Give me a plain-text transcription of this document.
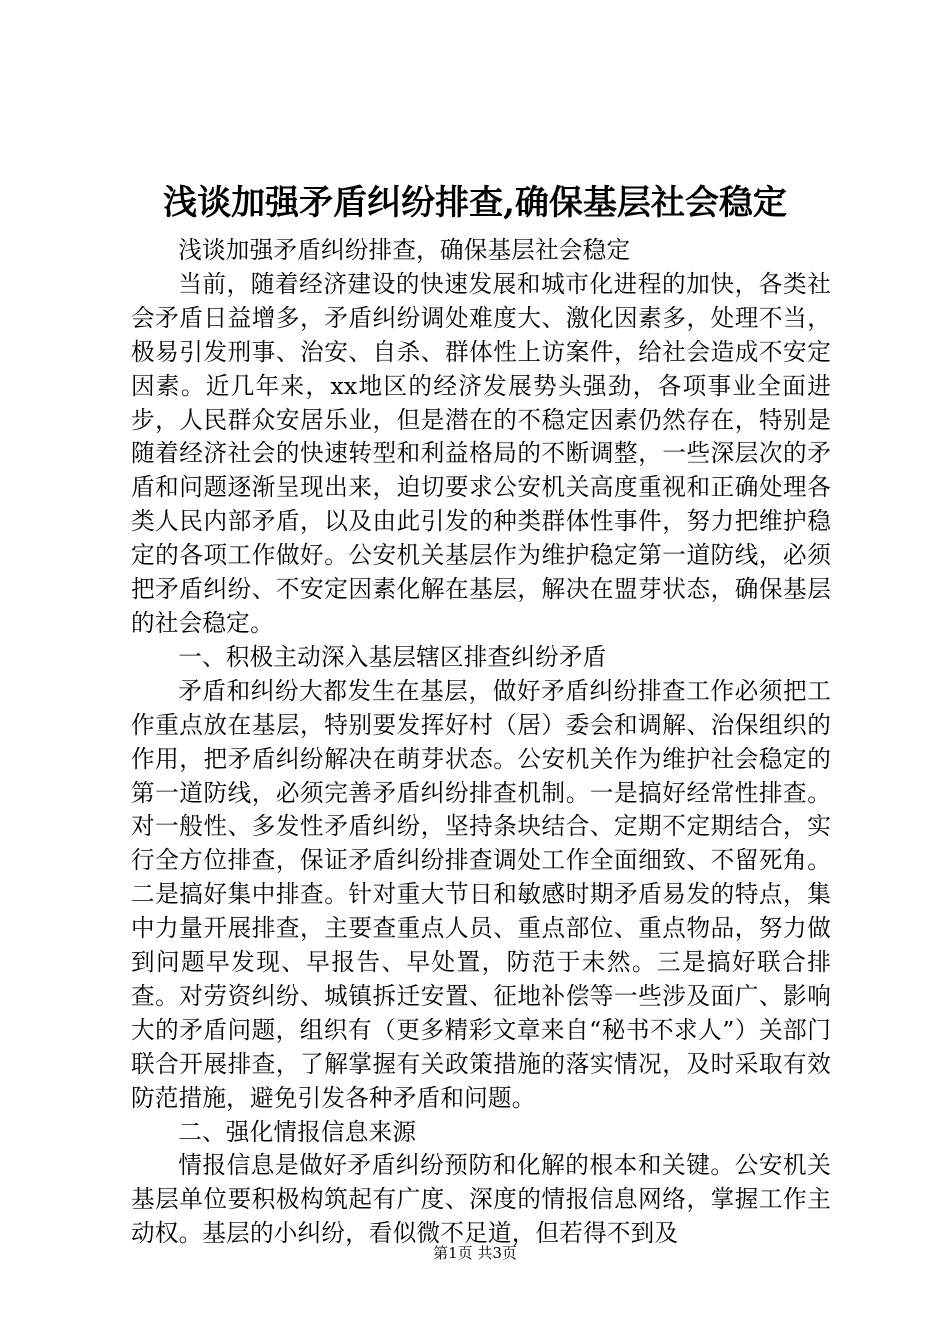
浅谈加强矛盾纠纷排查,确保基层社会稳定

浅谈加强矛盾纠纷排查，确保基层社会稳定

当前，随着经济建设的快速发展和城市化进程的加快，各类社会矛盾日益增多，矛盾纠纷调处难度大、激化因素多，处理不当，极易引发刑事、治安、自杀、群体性上访案件，给社会造成不安定因素。近几年来，xx地区的经济发展势头强劲，各项事业全面进步，人民群众安居乐业，但是潜在的不稳定因素仍然存在，特别是随着经济社会的快速转型和利益格局的不断调整，一些深层次的矛盾和问题逐渐呈现出来，迫切要求公安机关高度重视和正确处理各类人民内部矛盾，以及由此引发的种类群体性事件，努力把维护稳定的各项工作做好。公安机关基层作为维护稳定第一道防线，必须把矛盾纠纷、不安定因素化解在基层，解决在盟芽状态，确保基层的社会稳定。

一、积极主动深入基层辖区排查纠纷矛盾

矛盾和纠纷大都发生在基层，做好矛盾纠纷排查工作必须把工作重点放在基层，特别要发挥好村（居）委会和调解、治保组织的作用，把矛盾纠纷解决在萌芽状态。公安机关作为维护社会稳定的第一道防线，必须完善矛盾纠纷排查机制。一是搞好经常性排查。对一般性、多发性矛盾纠纷，坚持条块结合、定期不定期结合，实行全方位排查，保证矛盾纠纷排查调处工作全面细致、不留死角。二是搞好集中排查。针对重大节日和敏感时期矛盾易发的特点，集中力量开展排查，主要查重点人员、重点部位、重点物品，努力做到问题早发现、早报告、早处置，防范于未然。三是搞好联合排查。对劳资纠纷、城镇拆迁安置、征地补偿等一些涉及面广、影响大的矛盾问题，组织有（更多精彩文章来自“秘书不求人”）关部门联合开展排查，了解掌握有关政策措施的落实情况，及时采取有效防范措施，避免引发各种矛盾和问题。

二、强化情报信息来源

情报信息是做好矛盾纠纷预防和化解的根本和关键。公安机关基层单位要积极构筑起有广度、深度的情报信息网络，掌握工作主动权。基层的小纠纷，看似微不足道，但若得不到及

第1页 共3页
